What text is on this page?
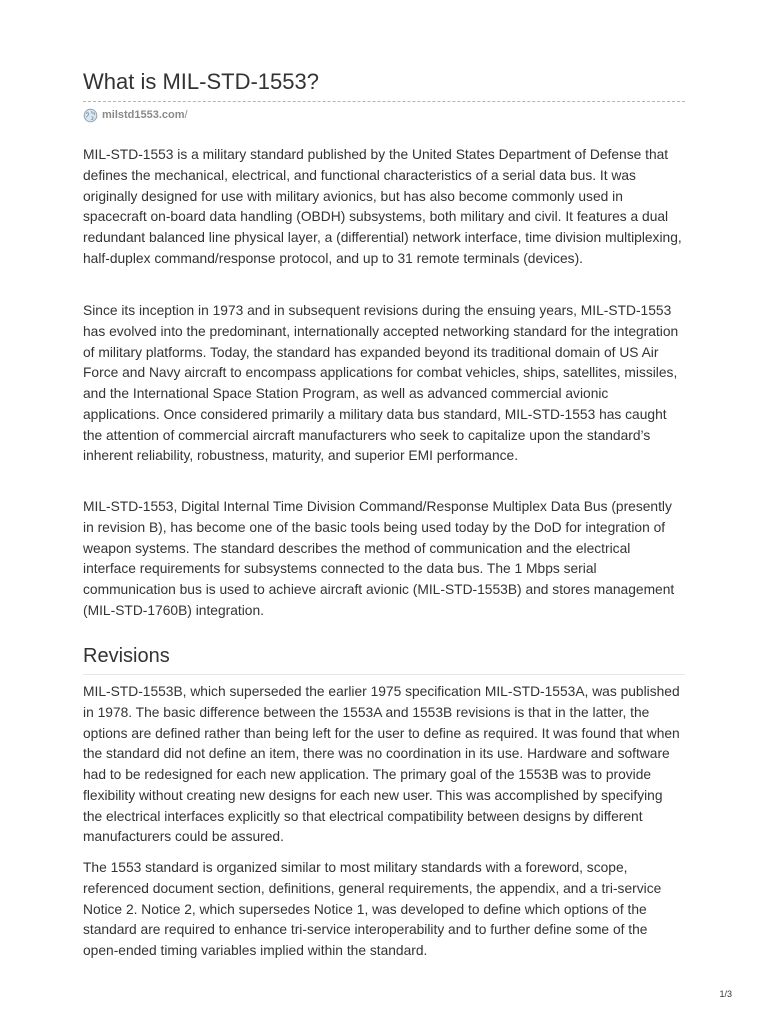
What is MIL-STD-1553?
milstd1553.com /

MIL-STD-1553 is a military standard published by the United States Department of Defense that defines the mechanical, electrical, and functional characteristics of a serial data bus. It was originally designed for use with military avionics, but has also become commonly used in spacecraft on-board data handling (OBDH) subsystems, both military and civil. It features a dual redundant balanced line physical layer, a (differential) network interface, time division multiplexing, half-duplex command/response protocol, and up to 31 remote terminals (devices).

Since its inception in 1973 and in subsequent revisions during the ensuing years, MIL-STD-1553 has evolved into the predominant, internationally accepted networking standard for the integration of military platforms. Today, the standard has expanded beyond its traditional domain of US Air Force and Navy aircraft to encompass applications for combat vehicles, ships, satellites, missiles, and the International Space Station Program, as well as advanced commercial avionic applications. Once considered primarily a military data bus standard, MIL-STD-1553 has caught the attention of commercial aircraft manufacturers who seek to capitalize upon the standard’s inherent reliability, robustness, maturity, and superior EMI performance.

MIL-STD-1553, Digital Internal Time Division Command/Response Multiplex Data Bus (presently in revision B), has become one of the basic tools being used today by the DoD for integration of weapon systems. The standard describes the method of communication and the electrical interface requirements for subsystems connected to the data bus. The 1 Mbps serial communication bus is used to achieve aircraft avionic (MIL-STD-1553B) and stores management (MIL-STD-1760B) integration.

Revisions

MIL-STD-1553B, which superseded the earlier 1975 specification MIL-STD-1553A, was published in 1978. The basic difference between the 1553A and 1553B revisions is that in the latter, the options are defined rather than being left for the user to define as required. It was found that when the standard did not define an item, there was no coordination in its use. Hardware and software had to be redesigned for each new application. The primary goal of the 1553B was to provide flexibility without creating new designs for each new user. This was accomplished by specifying the electrical interfaces explicitly so that electrical compatibility between designs by different manufacturers could be assured.

The 1553 standard is organized similar to most military standards with a foreword, scope, referenced document section, definitions, general requirements, the appendix, and a tri-service Notice 2. Notice 2, which supersedes Notice 1, was developed to define which options of the standard are required to enhance tri-service interoperability and to further define some of the open-ended timing variables implied within the standard.

1/3
